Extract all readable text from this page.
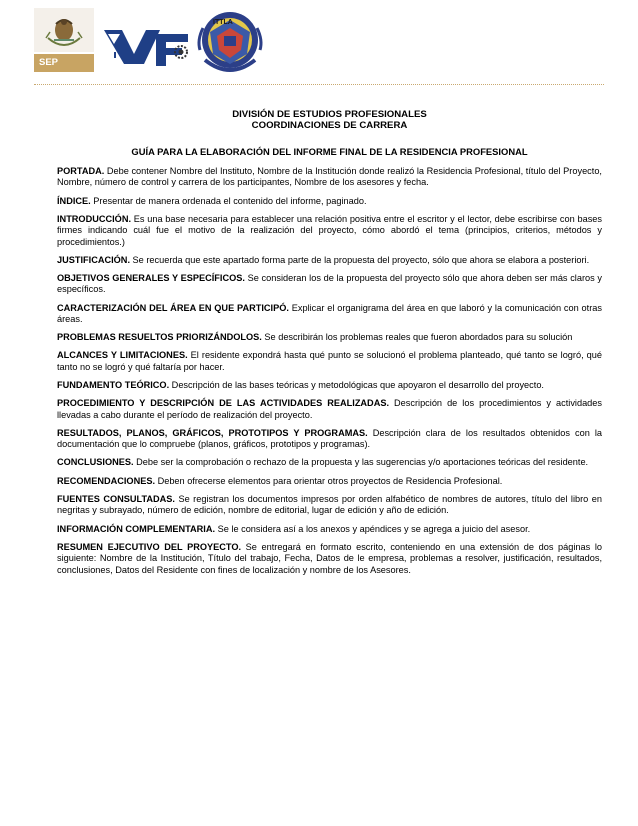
SEP
ITTLA
DIVISIÓN DE ESTUDIOS PROFESIONALES
COORDINACIONES DE CARRERA
GUÍA PARA LA ELABORACIÓN DEL INFORME FINAL DE LA RESIDENCIA PROFESIONAL
PORTADA. Debe contener Nombre del Instituto, Nombre de la Institución donde realizó la Residencia Profesional, título del Proyecto, Nombre, número de control y carrera de los participantes, Nombre de los asesores y fecha.
ÍNDICE. Presentar de manera ordenada el contenido del informe, paginado.
INTRODUCCIÓN. Es una base necesaria para establecer una relación positiva entre el escritor y el lector, debe escribirse con bases firmes indicando cuál fue el motivo de la realización del proyecto, cómo abordó el tema (principios, criterios, métodos y procedimientos.)
JUSTIFICACIÓN. Se recuerda que este apartado forma parte de la propuesta del proyecto, sólo que ahora se elabora a posteriori.
OBJETIVOS GENERALES Y ESPECÍFICOS. Se consideran los de la propuesta del proyecto sólo que ahora deben ser más claros y específicos.
CARACTERIZACIÓN DEL ÁREA EN QUE PARTICIPÓ. Explicar el organigrama del área en que laboró y la comunicación con otras áreas.
PROBLEMAS RESUELTOS PRIORIZÁNDOLOS. Se describirán los problemas reales que fueron abordados para su solución
ALCANCES Y LIMITACIONES. El residente expondrá hasta qué punto se solucionó el problema planteado, qué tanto se logró, qué tanto no se logró y qué faltaría por hacer.
FUNDAMENTO TEÓRICO. Descripción de las bases teóricas y metodológicas que apoyaron el desarrollo del proyecto.
PROCEDIMIENTO Y DESCRIPCIÓN DE LAS ACTIVIDADES REALIZADAS. Descripción de los procedimientos y actividades llevadas a cabo durante el período de realización del proyecto.
RESULTADOS, PLANOS, GRÁFICOS, PROTOTIPOS Y PROGRAMAS. Descripción clara de los resultados obtenidos con la documentación que lo compruebe (planos, gráficos, prototipos y programas).
CONCLUSIONES. Debe ser la comprobación o rechazo de la propuesta y las sugerencias y/o aportaciones teóricas del residente.
RECOMENDACIONES. Deben ofrecerse elementos para orientar otros proyectos de Residencia Profesional.
FUENTES CONSULTADAS. Se registran los documentos impresos por orden alfabético de nombres de autores, título del libro en negritas y subrayado, número de edición, nombre de editorial, lugar de edición y año de edición.
INFORMACIÓN COMPLEMENTARIA. Se le considera así a los anexos y apéndices y se agrega a juicio del asesor.
RESUMEN EJECUTIVO DEL PROYECTO. Se entregará en formato escrito, conteniendo en una extensión de dos páginas lo siguiente: Nombre de la Institución, Título del trabajo, Fecha, Datos de le empresa, problemas a resolver, justificación, resultados, conclusiones, Datos del Residente con fines de localización y nombre de los Asesores.
